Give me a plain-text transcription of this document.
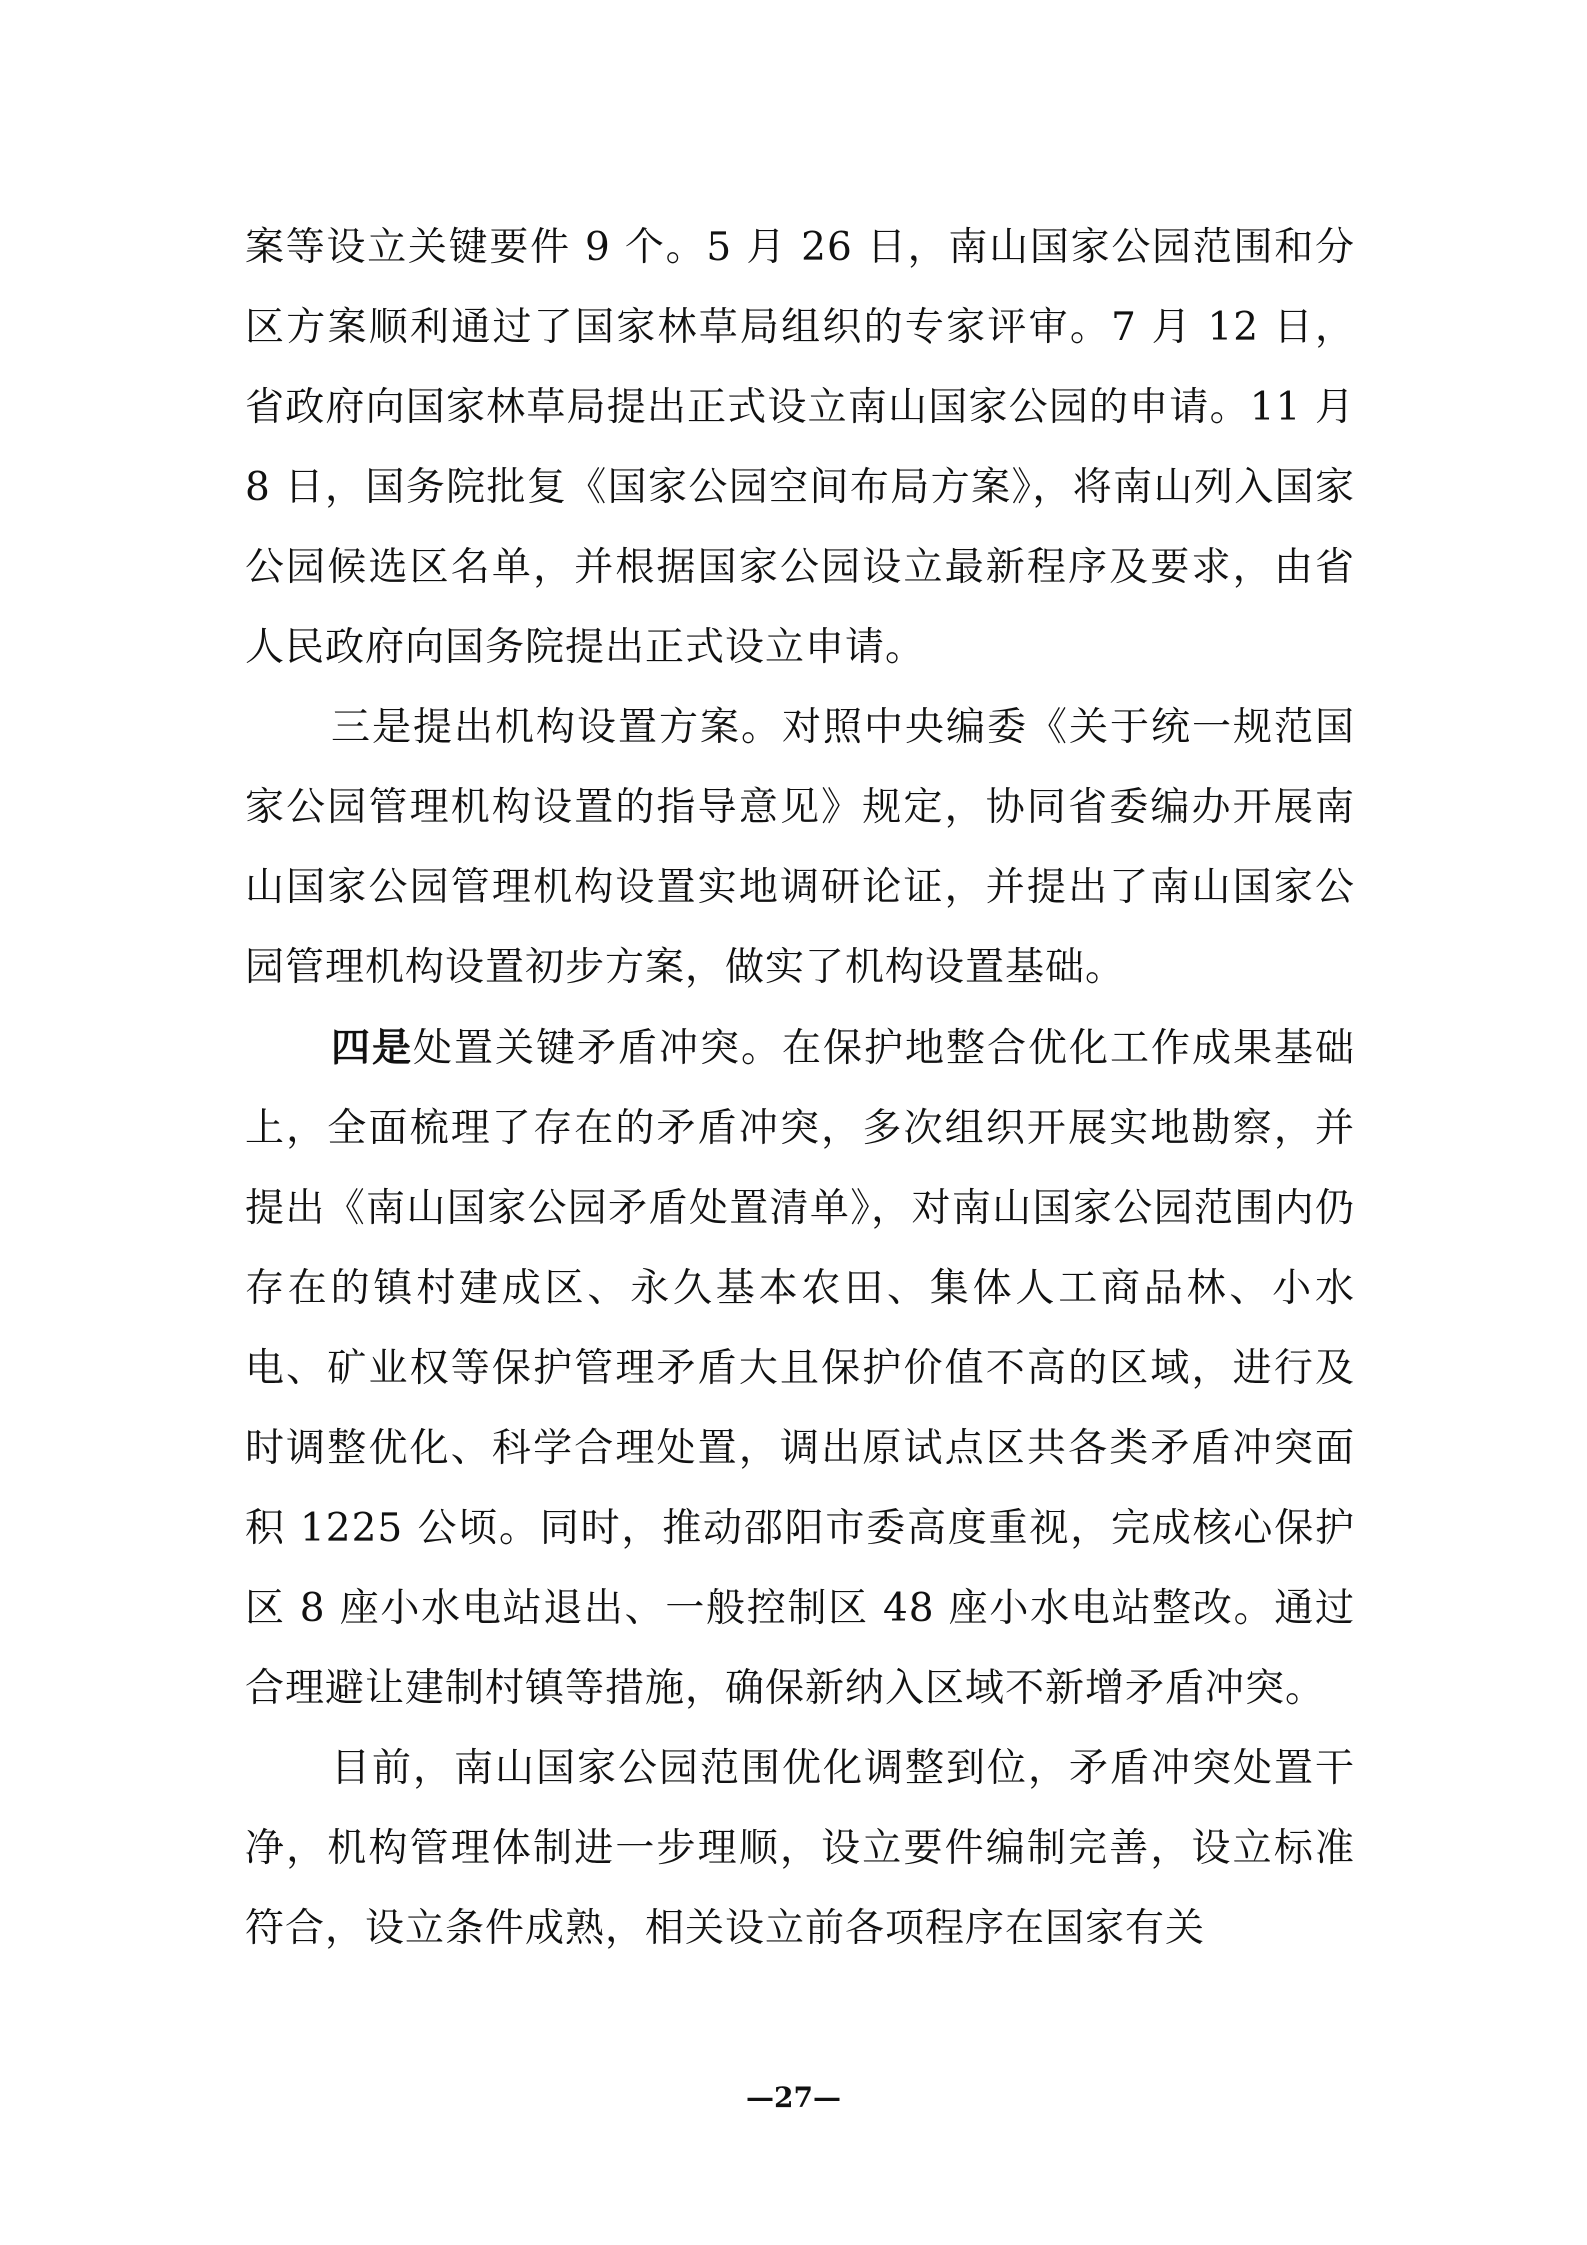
案等设立关键要件 9 个。5 月 26 日，南山国家公园范围和分区方案顺利通过了国家林草局组织的专家评审。7 月 12 日，省政府向国家林草局提出正式设立南山国家公园的申请。11 月 8 日，国务院批复《国家公园空间布局方案》，将南山列入国家公园候选区名单，并根据国家公园设立最新程序及要求，由省人民政府向国务院提出正式设立申请。

三是提出机构设置方案。对照中央编委《关于统一规范国家公园管理机构设置的指导意见》规定，协同省委编办开展南山国家公园管理机构设置实地调研论证，并提出了南山国家公园管理机构设置初步方案，做实了机构设置基础。

四是处置关键矛盾冲突。在保护地整合优化工作成果基础上，全面梳理了存在的矛盾冲突，多次组织开展实地勘察，并提出《南山国家公园矛盾处置清单》，对南山国家公园范围内仍存在的镇村建成区、永久基本农田、集体人工商品林、小水电、矿业权等保护管理矛盾大且保护价值不高的区域，进行及时调整优化、科学合理处置，调出原试点区共各类矛盾冲突面积 1225 公顷。同时，推动邵阳市委高度重视，完成核心保护区 8 座小水电站退出、一般控制区 48 座小水电站整改。通过合理避让建制村镇等措施，确保新纳入区域不新增矛盾冲突。

目前，南山国家公园范围优化调整到位，矛盾冲突处置干净，机构管理体制进一步理顺，设立要件编制完善，设立标准符合，设立条件成熟，相关设立前各项程序在国家有关

—27—
